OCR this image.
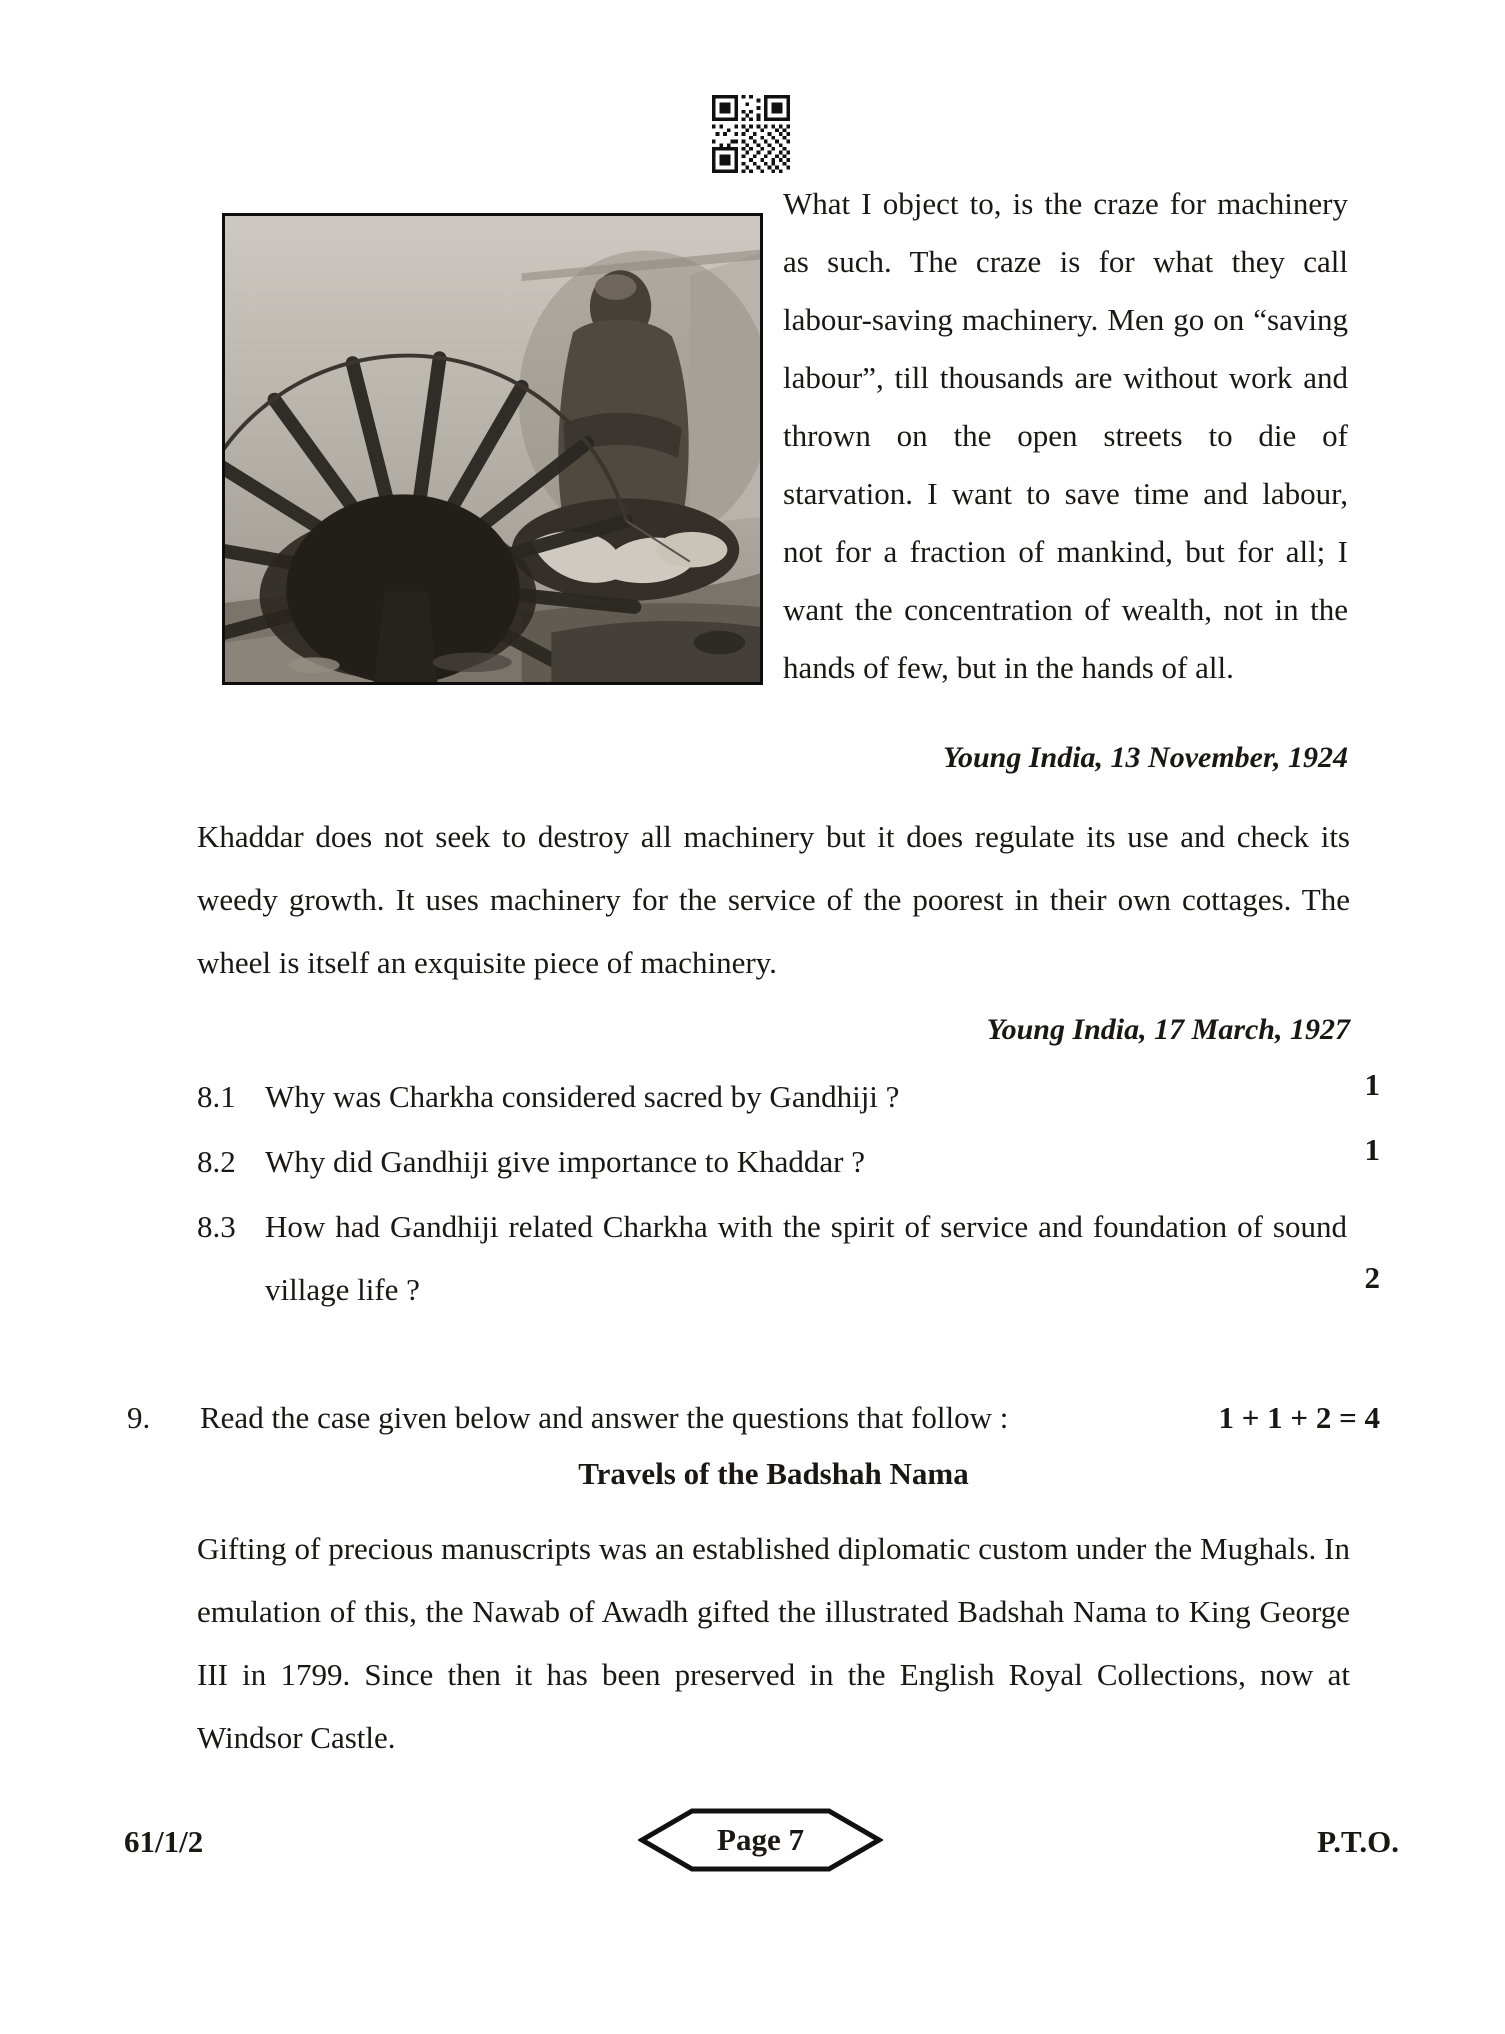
What I object to, is the craze for machinery as such. The craze is for what they call labour-saving machinery. Men go on “saving labour”, till thousands are without work and thrown on the open streets to die of starvation. I want to save time and labour, not for a fraction of mankind, but for all; I want the concentration of wealth, not in the hands of few, but in the hands of all.
Young India, 13 November, 1924
Khaddar does not seek to destroy all machinery but it does regulate its use and check its weedy growth. It uses machinery for the service of the poorest in their own cottages. The wheel is itself an exquisite piece of machinery.
Young India, 17 March, 1927
8.1 Why was Charkha considered sacred by Gandhiji ?	1
8.2 Why did Gandhiji give importance to Khaddar ?	1
8.3 How had Gandhiji related Charkha with the spirit of service and foundation of sound village life ?	2
9.	Read the case given below and answer the questions that follow :	1 + 1 + 2 = 4
Travels of the Badshah Nama
Gifting of precious manuscripts was an established diplomatic custom under the Mughals. In emulation of this, the Nawab of Awadh gifted the illustrated Badshah Nama to King George III in 1799. Since then it has been preserved in the English Royal Collections, now at Windsor Castle.
61/1/2	Page 7	P.T.O.
